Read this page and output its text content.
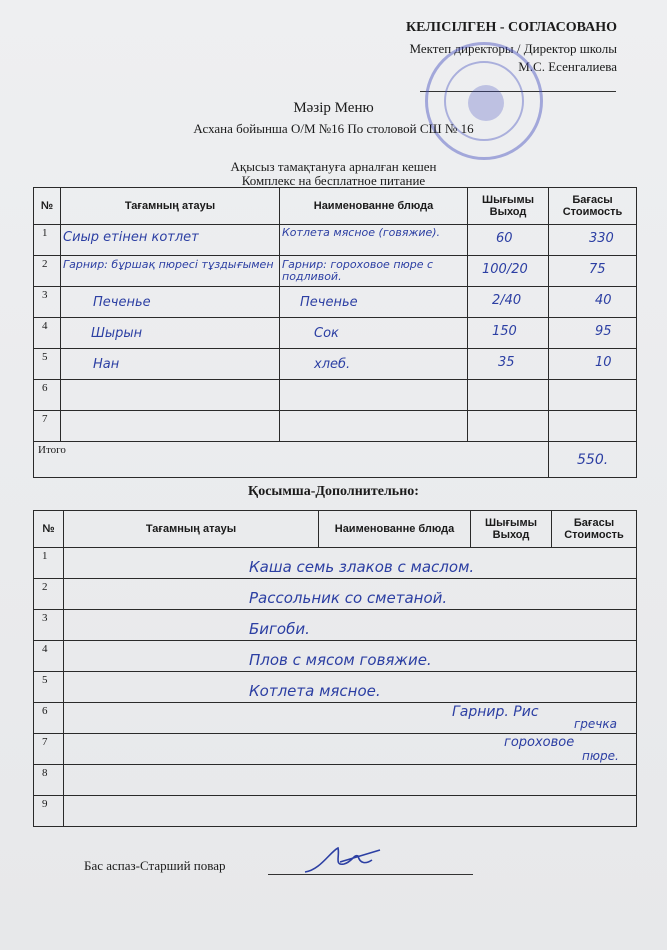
КЕЛІСІЛГЕН - СОГЛАСОВАНО
Мектеп директоры / Директор школы
М.С. Есенгалиева
Мәзір Меню
Асхана бойынша О/М №16 По столовой СШ № 16
Ақысыз тамақтануға арналған кешен
Комплекс на бесплатное питание
№	Тағамның атауы	Наименованне блюда	Шығымы Выход	Бағасы Стоимость
1	Сиыр етінен котлет	Котлета мясное (говяжие).	60	330

2	Гарнир: бұршақ пюресі тұздығымен	Гарнир: гороховое пюре с подливой.	100/20	75

3	Печенье	Печенье	2/40	40

4	Шырын	Сок	150	95

5	Нан	хлеб.	35	10

6				
7				
Итого				550.
Қосымша-Дополнительно:
№	Тағамның атауы	Наименованне блюда	Шығымы Выход	Бағасы Стоимость
1	Каша семь злаков с маслом.			

2	Рассольник со сметаной.			

3	Бигоби.			

4	Плов с мясом говяжие.			

5	Котлета мясное.			

6	Гарнир. Рис
гречка			

7	гороховое
пюре.			

8				
9				
Бас аспаз-Старший повар
